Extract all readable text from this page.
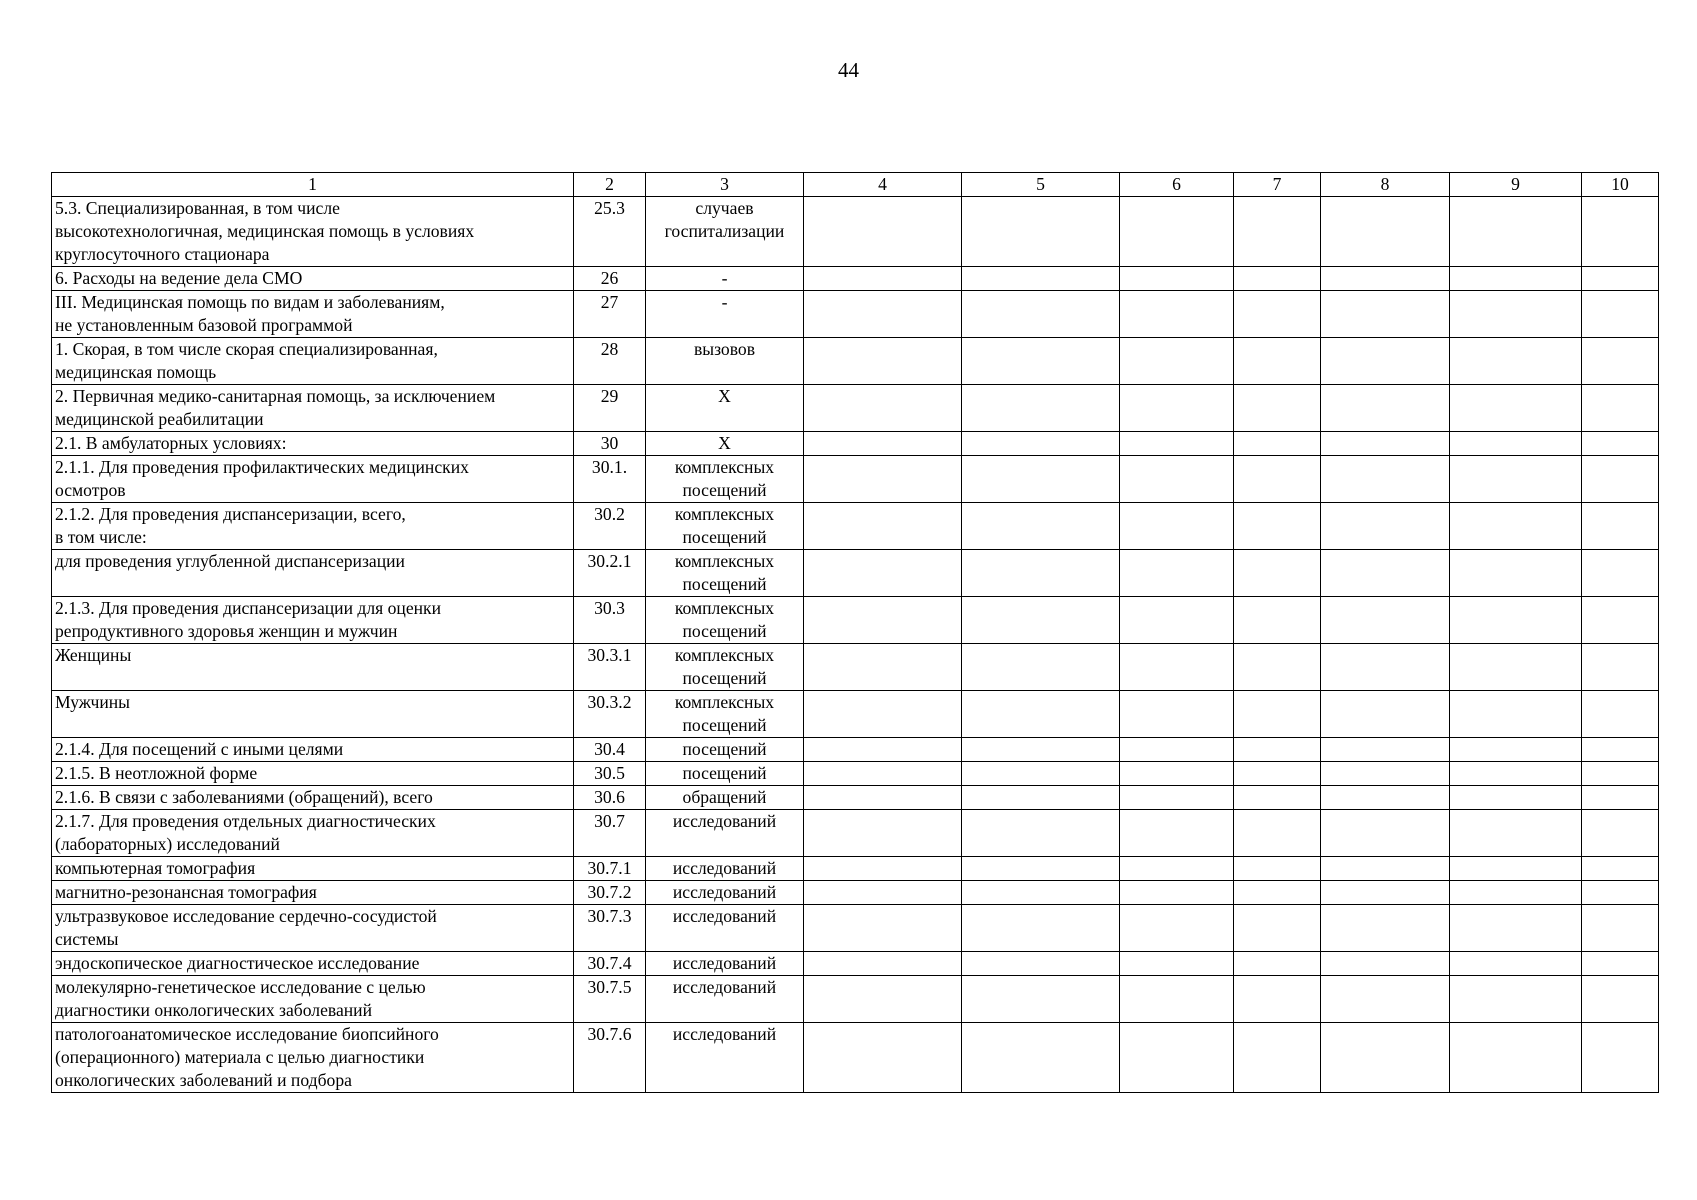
44
1	2	3	4	5	6	7	8	9	10
5.3. Специализированная, в том числе
высокотехнологичная, медицинская помощь в условиях
круглосуточного стационара	25.3	случаев
госпитализации							
6. Расходы на ведение дела СМО	26	-							
III. Медицинская помощь по видам и заболеваниям,
не установленным базовой программой	27	-							
1. Скорая, в том числе скорая специализированная,
медицинская помощь	28	вызовов							
2. Первичная медико-санитарная помощь, за исключением
медицинской реабилитации	29	Х							
2.1. В амбулаторных условиях:	30	Х							
2.1.1. Для проведения профилактических медицинских
осмотров	30.1.	комплексных
посещений							
2.1.2. Для проведения диспансеризации, всего,
в том числе:	30.2	комплексных
посещений							
для проведения углубленной диспансеризации	30.2.1	комплексных
посещений							
2.1.3. Для проведения диспансеризации для оценки
репродуктивного здоровья женщин и мужчин	30.3	комплексных
посещений							
Женщины	30.3.1	комплексных
посещений							
Мужчины	30.3.2	комплексных
посещений							
2.1.4. Для посещений с иными целями	30.4	посещений							
2.1.5. В неотложной форме	30.5	посещений							
2.1.6. В связи с заболеваниями (обращений), всего	30.6	обращений							
2.1.7. Для проведения отдельных диагностических
(лабораторных) исследований	30.7	исследований							
компьютерная томография	30.7.1	исследований							
магнитно-резонансная томография	30.7.2	исследований							
ультразвуковое исследование сердечно-сосудистой
системы	30.7.3	исследований							
эндоскопическое диагностическое исследование	30.7.4	исследований							
молекулярно-генетическое исследование с целью
диагностики онкологических заболеваний	30.7.5	исследований							
патологоанатомическое исследование биопсийного
(операционного) материала с целью диагностики
онкологических заболеваний и подбора	30.7.6	исследований							
